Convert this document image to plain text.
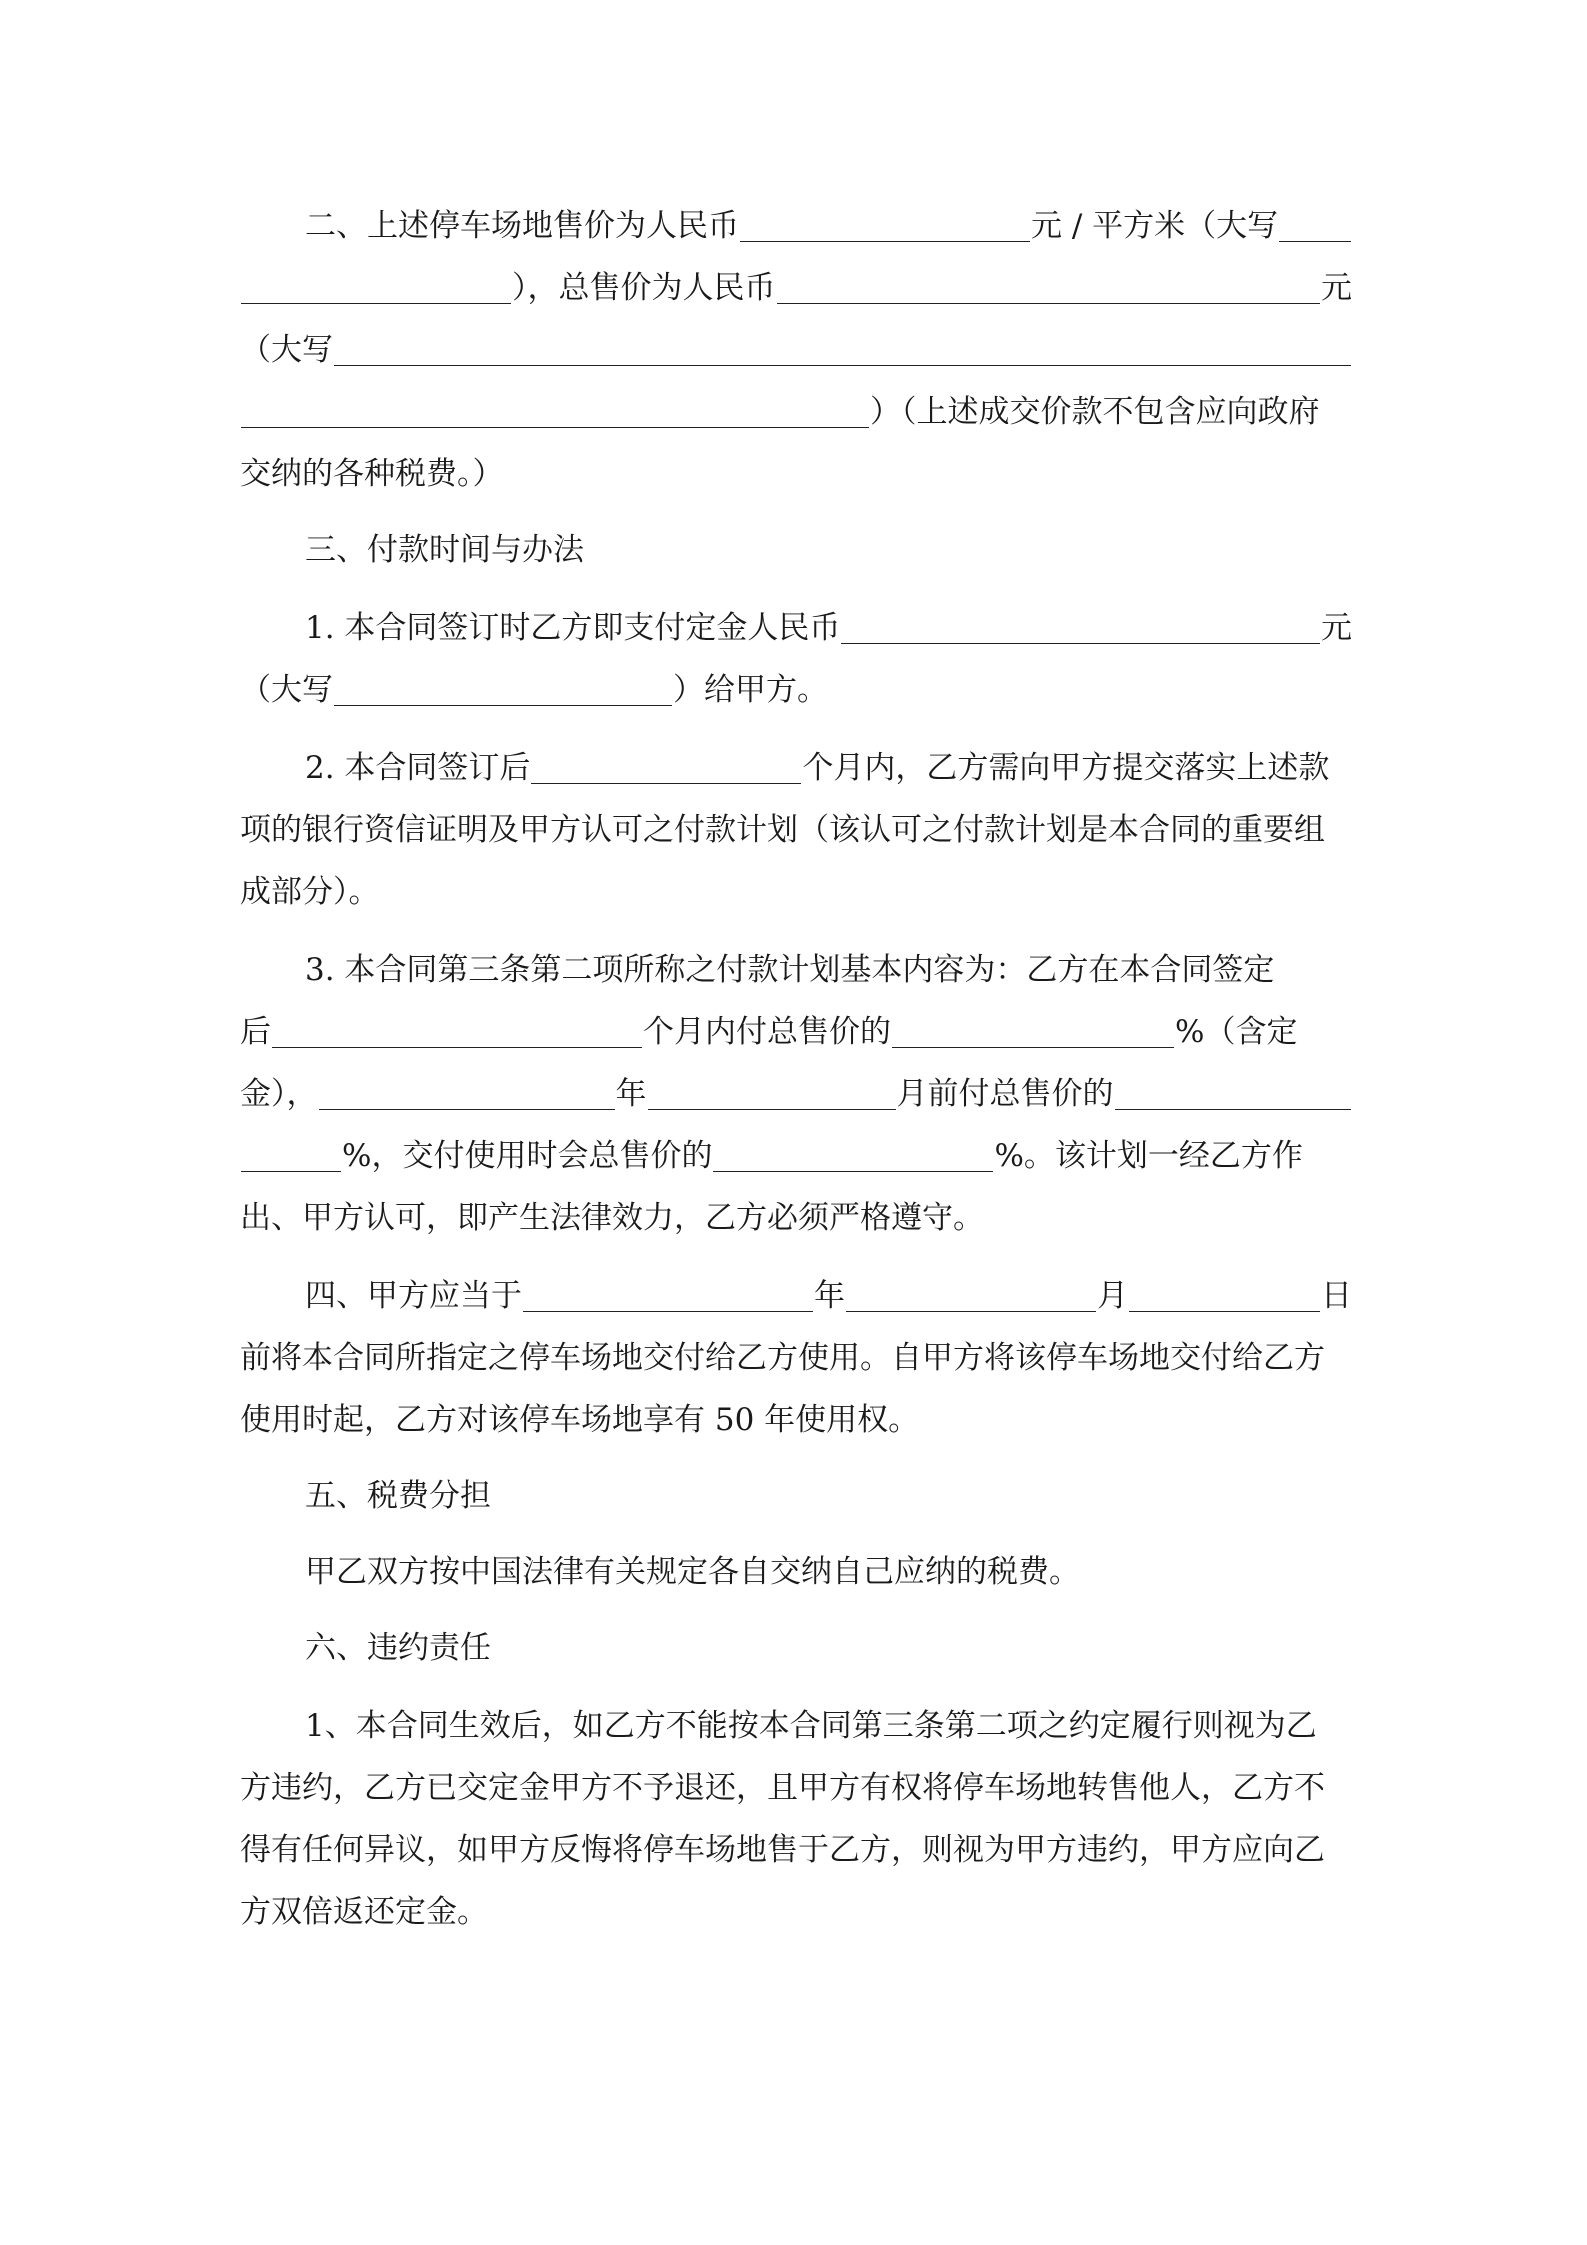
二、上述停车场地售价为人民币	元 / 平方米（大写
），总售价为人民币	元
（大写
）（上述成交价款不包含应向政府
交纳的各种税费。）
三、付款时间与办法
1. 本合同签订时乙方即支付定金人民币	元
（大写	）给甲方。
2. 本合同签订后	个月内，乙方需向甲方提交落实上述款
项的银行资信证明及甲方认可之付款计划（该认可之付款计划是本合同的重要组
成部分）。
3. 本合同第三条第二项所称之付款计划基本内容为：乙方在本合同签定
后	个月内付总售价的	%（含定
金），	年	月前付总售价的
%，交付使用时会总售价的	%。该计划一经乙方作
出、甲方认可，即产生法律效力，乙方必须严格遵守。
四、甲方应当于	年	月	日
前将本合同所指定之停车场地交付给乙方使用。自甲方将该停车场地交付给乙方
使用时起，乙方对该停车场地享有 50 年使用权。
五、税费分担
甲乙双方按中国法律有关规定各自交纳自己应纳的税费。
六、违约责任
1、本合同生效后，如乙方不能按本合同第三条第二项之约定履行则视为乙
方违约，乙方已交定金甲方不予退还，且甲方有权将停车场地转售他人，乙方不
得有任何异议，如甲方反悔将停车场地售于乙方，则视为甲方违约，甲方应向乙
方双倍返还定金。
